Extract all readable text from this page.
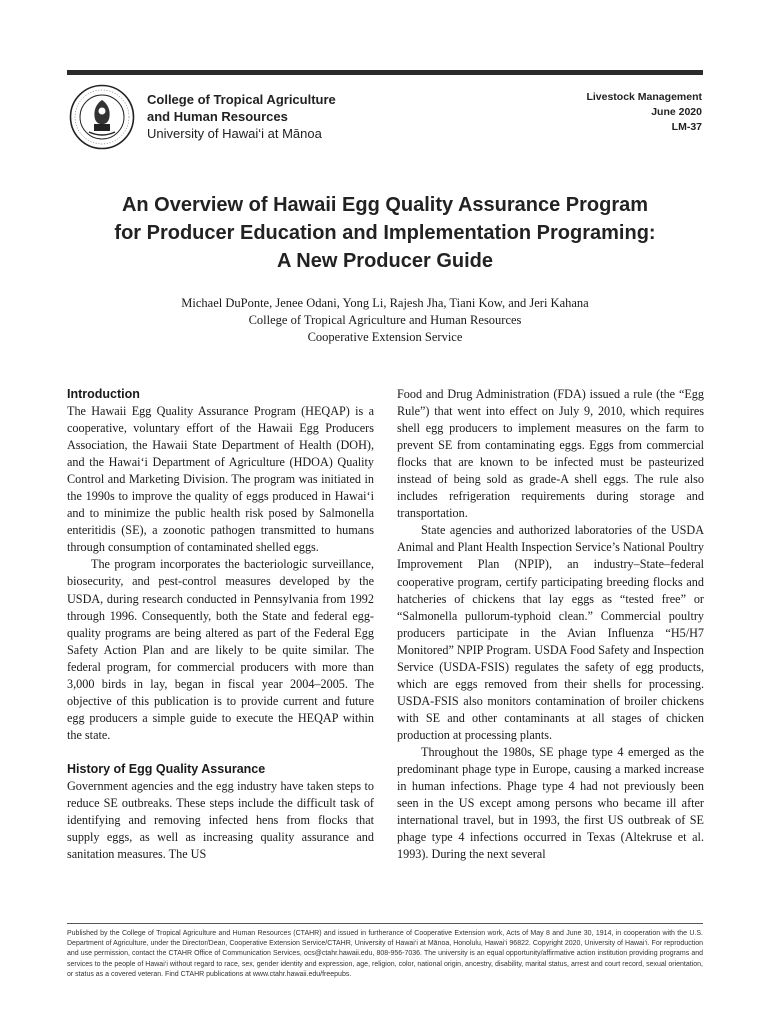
College of Tropical Agriculture
and Human Resources
University of Hawai‘i at Mānoa
Livestock Management
June 2020
LM-37
An Overview of Hawaii Egg Quality Assurance Program
for Producer Education and Implementation Programing:
A New Producer Guide
Michael DuPonte, Jenee Odani, Yong Li, Rajesh Jha, Tiani Kow, and Jeri Kahana
College of Tropical Agriculture and Human Resources
Cooperative Extension Service
Introduction

The Hawaii Egg Quality Assurance Program (HEQAP) is a cooperative, voluntary effort of the Hawaii Egg Producers Association, the Hawaii State Department of Health (DOH), and the Hawai‘i Department of Agriculture (HDOA) Quality Control and Marketing Division. The program was initiated in the 1990s to improve the quality of eggs produced in Hawai‘i and to minimize the public health risk posed by Salmonella enteritidis (SE), a zoonotic pathogen transmitted to humans through consumption of contaminated shelled eggs.

The program incorporates the bacteriologic surveillance, biosecurity, and pest-control measures developed by the USDA, during research conducted in Pennsylvania from 1992 through 1996. Consequently, both the State and federal egg-quality programs are being altered as part of the Federal Egg Safety Action Plan and are likely to be quite similar. The federal program, for commercial producers with more than 3,000 birds in lay, began in fiscal year 2004–2005. The objective of this publication is to provide current and future egg producers a simple guide to execute the HEQAP within the state.

History of Egg Quality Assurance

Government agencies and the egg industry have taken steps to reduce SE outbreaks. These steps include the difficult task of identifying and removing infected hens from flocks that supply eggs, as well as increasing quality assurance and sanitation measures. The US

Food and Drug Administration (FDA) issued a rule (the “Egg Rule”) that went into effect on July 9, 2010, which requires shell egg producers to implement measures on the farm to prevent SE from contaminating eggs. Eggs from commercial flocks that are known to be infected must be pasteurized instead of being sold as grade-A shell eggs. The rule also includes refrigeration requirements during storage and transportation.

State agencies and authorized laboratories of the USDA Animal and Plant Health Inspection Service’s National Poultry Improvement Plan (NPIP), an industry–State–federal cooperative program, certify participating breeding flocks and hatcheries of chickens that lay eggs as “tested free” or “Salmonella pullorum-typhoid clean.” Commercial poultry producers participate in the Avian Influenza “H5/H7 Monitored” NPIP Program. USDA Food Safety and Inspection Service (USDA-FSIS) regulates the safety of egg products, which are eggs removed from their shells for processing. USDA-FSIS also monitors contamination of broiler chickens with SE and other contaminants at all stages of chicken production at processing plants.

Throughout the 1980s, SE phage type 4 emerged as the predominant phage type in Europe, causing a marked increase in human infections. Phage type 4 had not previously been seen in the US except among persons who became ill after international travel, but in 1993, the first US outbreak of SE phage type 4 infections occurred in Texas (Altekruse et al. 1993). During the next several

Published by the College of Tropical Agriculture and Human Resources (CTAHR) and issued in furtherance of Cooperative Extension work, Acts of May 8 and June 30, 1914, in cooperation with the U.S. Department of Agriculture, under the Director/Dean, Cooperative Extension Service/CTAHR, University of Hawai‘i at Mānoa, Honolulu, Hawai‘i 96822. Copyright 2020, University of Hawai‘i. For reproduction and use permission, contact the CTAHR Office of Communication Services, ocs@ctahr.hawaii.edu, 808-956-7036. The university is an equal opportunity/affirmative action institution providing programs and services to the people of Hawai‘i without regard to race, sex, gender identity and expression, age, religion, color, national origin, ancestry, disability, marital status, arrest and court record, sexual orientation, or status as a covered veteran. Find CTAHR publications at www.ctahr.hawaii.edu/freepubs.
